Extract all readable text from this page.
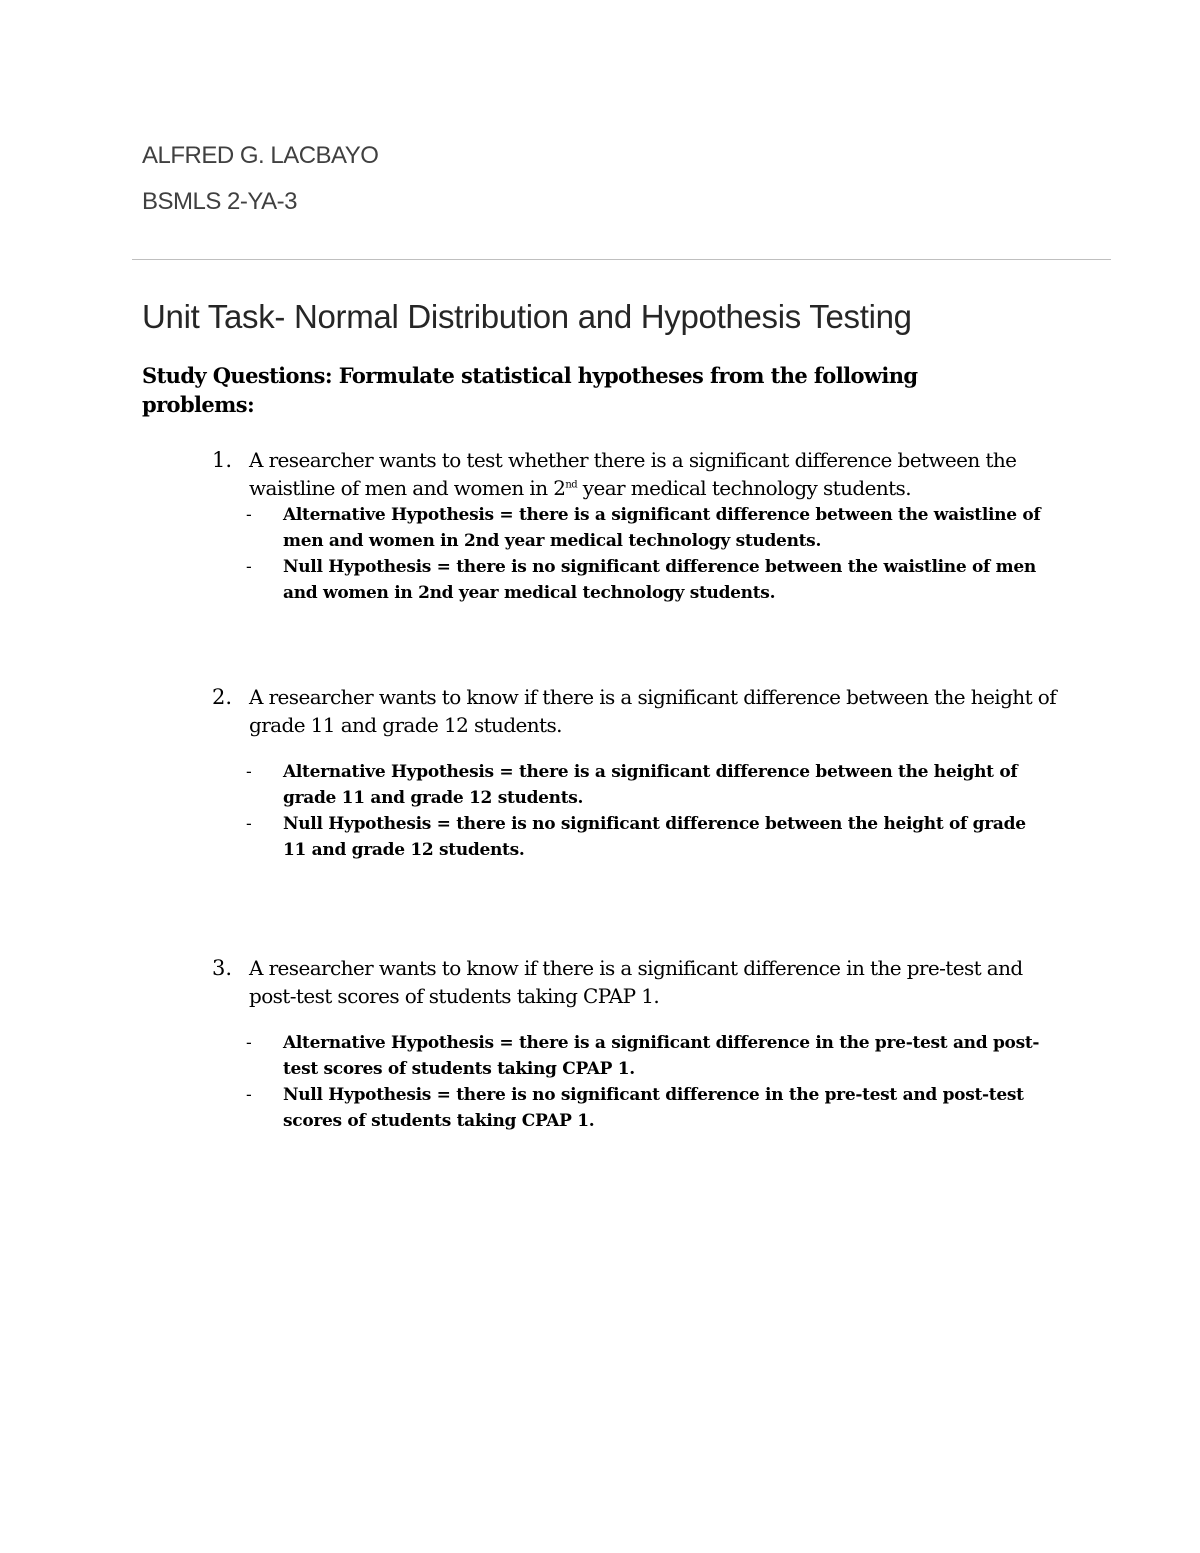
ALFRED G. LACBAYO
BSMLS 2-YA-3
Unit Task- Normal Distribution and Hypothesis Testing
Study Questions: Formulate statistical hypotheses from the following problems:
1. A researcher wants to test whether there is a significant difference between the waistline of men and women in 2nd year medical technology students.
- Alternative Hypothesis = there is a significant difference between the waistline of men and women in 2nd year medical technology students.
- Null Hypothesis = there is no significant difference between the waistline of men and women in 2nd year medical technology students.
2. A researcher wants to know if there is a significant difference between the height of grade 11 and grade 12 students.
- Alternative Hypothesis = there is a significant difference between the height of grade 11 and grade 12 students.
- Null Hypothesis = there is no significant difference between the height of grade 11 and grade 12 students.
3. A researcher wants to know if there is a significant difference in the pre-test and post-test scores of students taking CPAP 1.
- Alternative Hypothesis = there is a significant difference in the pre-test and post-test scores of students taking CPAP 1.
- Null Hypothesis = there is no significant difference in the pre-test and post-test scores of students taking CPAP 1.
